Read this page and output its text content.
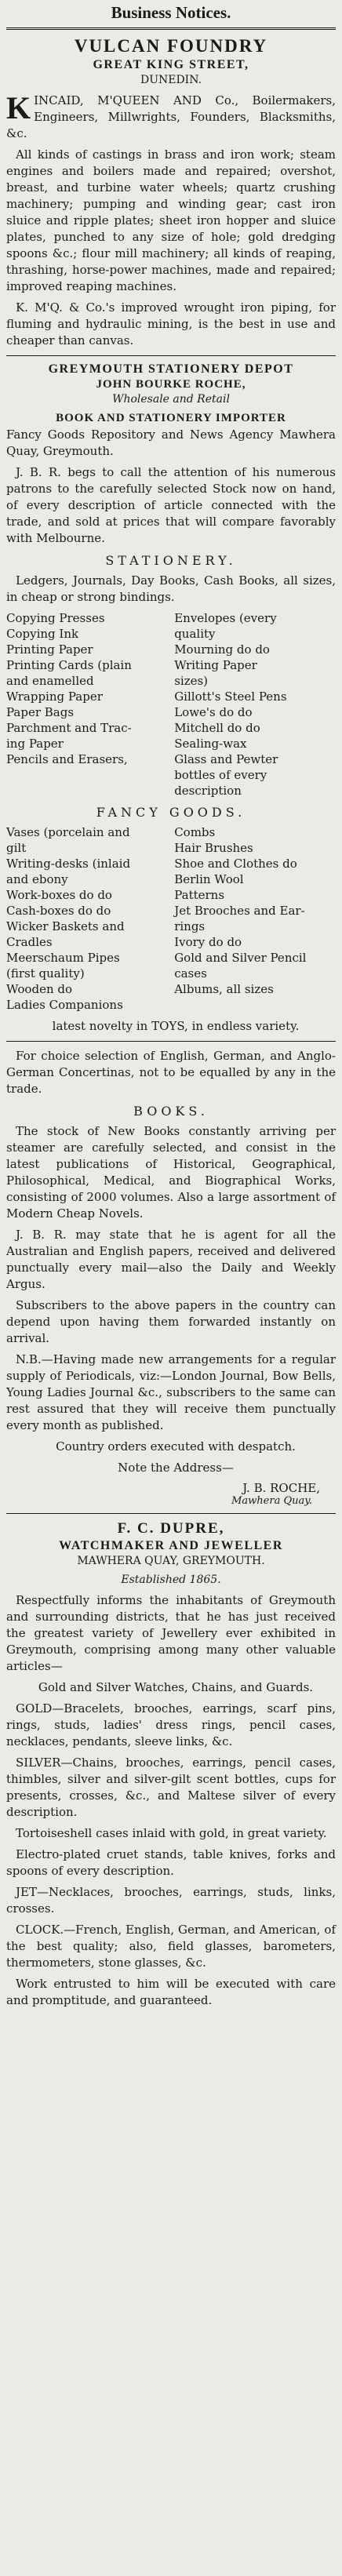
Business Notices.
VULCAN FOUNDRY
GREAT KING STREET,
DUNEDIN.

K INCAID, M'QUEEN AND Co., Boilermakers, Engineers, Millwrights, Founders, Blacksmiths, &c.

All kinds of castings in brass and iron work; steam engines and boilers made and repaired; overshot, breast, and turbine water wheels; quartz crushing machinery; pumping and winding gear; cast iron sluice and ripple plates; sheet iron hopper and sluice plates, punched to any size of hole; gold dredging spoons &c.; flour mill machinery; all kinds of reaping, thrashing, horse-power machines, made and repaired; improved reaping machines.

K. M'Q. & Co.'s improved wrought iron piping, for fluming and hydraulic mining, is the best in use and cheaper than canvas.

GREYMOUTH STATIONERY DEPOT
JOHN BOURKE ROCHE,
Wholesale and Retail
BOOK AND STATIONERY IMPORTER

Fancy Goods Repository and News Agency Mawhera Quay, Greymouth.

J. B. R. begs to call the attention of his numerous patrons to the carefully selected Stock now on hand, of every description of article connected with the trade, and sold at prices that will compare favorably with Melbourne.

STATIONERY.

Ledgers, Journals, Day Books, Cash Books, all sizes, in cheap or strong bindings.

Copying Presses	Envelopes (every
Copying Ink	quality
Printing Paper	Mourning do do
Printing Cards (plain	Writing Paper
and enamelled	sizes)
Wrapping Paper	Gillott's Steel Pens
Paper Bags	Lowe's do do
Parchment and Trac-	Mitchell do do
ing Paper	Sealing-wax
Pencils and Erasers,	Glass and Pewter
bottles of every description
FANCY GOODS.
Vases (porcelain and	Combs
gilt	Hair Brushes
Writing-desks (inlaid	Shoe and Clothes do
and ebony	Berlin Wool
Work-boxes do do	Patterns
Cash-boxes do do	Jet Brooches and Ear-
Wicker Baskets and	rings
Cradles	Ivory do do
Meerschaum Pipes	Gold and Silver Pencil
(first quality)	cases
Wooden do	Albums, all sizes

Ladies Companions

latest novelty in TOYS, in endless variety.

For choice selection of English, German, and Anglo-German Concertinas, not to be equalled by any in the trade.

BOOKS.

The stock of New Books constantly arriving per steamer are carefully selected, and consist in the latest publications of Historical, Geographical, Philosophical, Medical, and Biographical Works, consisting of 2000 volumes. Also a large assortment of Modern Cheap Novels.

J. B. R. may state that he is agent for all the Australian and English papers, received and delivered punctually every mail—also the Daily and Weekly Argus.

Subscribers to the above papers in the country can depend upon having them forwarded instantly on arrival.

N.B.—Having made new arrangements for a regular supply of Periodicals, viz:—London Journal, Bow Bells, Young Ladies Journal &c., subscribers to the same can rest assured that they will receive them punctually every month as published.

Country orders executed with despatch.

Note the Address—

J. B. ROCHE,
Mawhera Quay.
F. C. DUPRE,
WATCHMAKER AND JEWELLER
MAWHERA QUAY, GREYMOUTH.
Established 1865.

Respectfully informs the inhabitants of Greymouth and surrounding districts, that he has just received the greatest variety of Jewellery ever exhibited in Greymouth, comprising among many other valuable articles—

Gold and Silver Watches, Chains, and Guards.

GOLD—Bracelets, brooches, earrings, scarf pins, rings, studs, ladies' dress rings, pencil cases, necklaces, pendants, sleeve links, &c.

SILVER—Chains, brooches, earrings, pencil cases, thimbles, silver and silver-gilt scent bottles, cups for presents, crosses, &c., and Maltese silver of every description.

Tortoiseshell cases inlaid with gold, in great variety.

Electro-plated cruet stands, table knives, forks and spoons of every description.

JET—Necklaces, brooches, earrings, studs, links, crosses.

CLOCK.—French, English, German, and American, of the best quality; also, field glasses, barometers, thermometers, stone glasses, &c.

Work entrusted to him will be executed with care and promptitude, and guaranteed.
